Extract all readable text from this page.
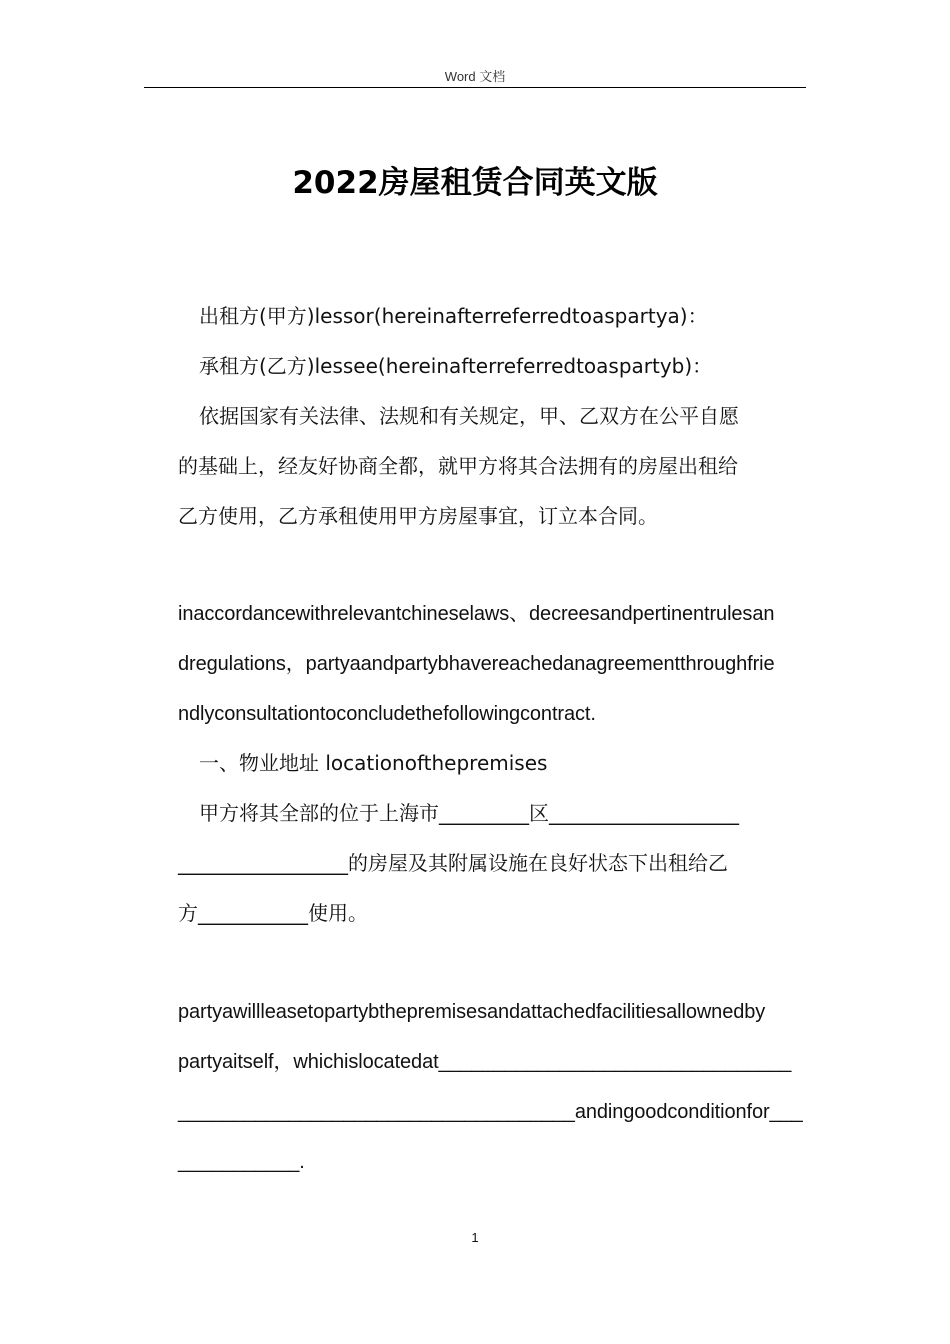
Word 文档
2022房屋租赁合同英文版
出租方(甲方)lessor(hereinafterreferredtoaspartya)：
承租方(乙方)lessee(hereinafterreferredtoaspartyb)：
依据国家有关法律、法规和有关规定，甲、乙双方在公平自愿
的基础上，经友好协商全都，就甲方将其合法拥有的房屋出租给
乙方使用，乙方承租使用甲方房屋事宜，订立本合同。
inaccordancewithrelevantchineselaws、decreesandpertinentrulesan
dregulations，partyaandpartybhavereachedanagreementthroughfrie
ndlyconsultationtoconcludethefollowingcontract.
一、物业地址 locationofthepremises
甲方将其全部的位于上海市_________区___________________
_________________的房屋及其附属设施在良好状态下出租给乙
方___________使用。
partyawillleasetopartybthepremisesandattachedfacilitiesallownedby
partyaitself，whichislocatedat________________________________
____________________________________andingoodconditionfor___
___________.
1
